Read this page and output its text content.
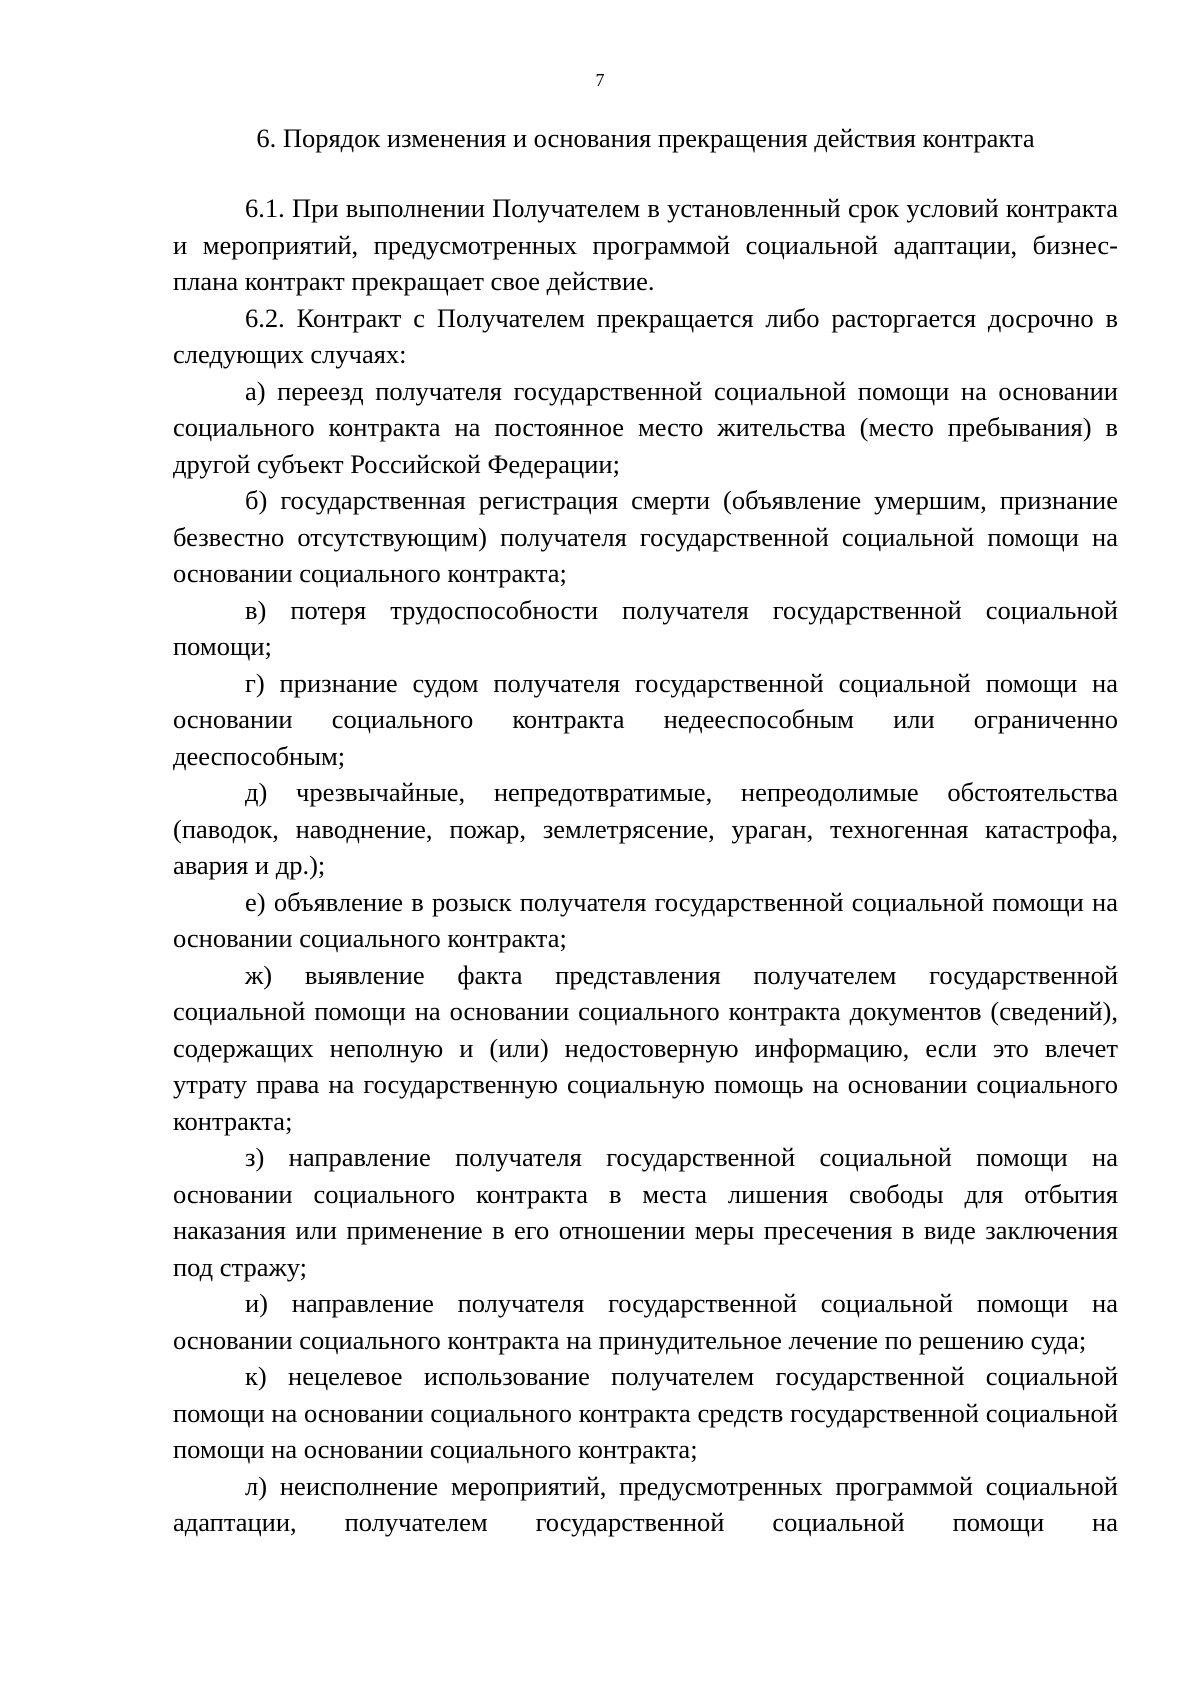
7
6. Порядок изменения и основания прекращения действия контракта

6.1. При выполнении Получателем в установленный срок условий контракта и мероприятий, предусмотренных программой социальной адаптации, бизнес-плана контракт прекращает свое действие.

6.2. Контракт с Получателем прекращается либо расторгается досрочно в следующих случаях:

а) переезд получателя государственной социальной помощи на основании социального контракта на постоянное место жительства (место пребывания) в другой субъект Российской Федерации;

б) государственная регистрация смерти (объявление умершим, признание безвестно отсутствующим) получателя государственной социальной помощи на основании социального контракта;

в) потеря трудоспособности получателя государственной социальной помощи;

г) признание судом получателя государственной социальной помощи на основании социального контракта недееспособным или ограниченно дееспособным;

д) чрезвычайные, непредотвратимые, непреодолимые обстоятельства (паводок, наводнение, пожар, землетрясение, ураган, техногенная катастрофа, авария и др.);

е) объявление в розыск получателя государственной социальной помощи на основании социального контракта;

ж) выявление факта представления получателем государственной социальной помощи на основании социального контракта документов (сведений), содержащих неполную и (или) недостоверную информацию, если это влечет утрату права на государственную социальную помощь на основании социального контракта;

з) направление получателя государственной социальной помощи на основании социального контракта в места лишения свободы для отбытия наказания или применение в его отношении меры пресечения в виде заключения под стражу;

и) направление получателя государственной социальной помощи на основании социального контракта на принудительное лечение по решению суда;

к) нецелевое использование получателем государственной социальной помощи на основании социального контракта средств государственной социальной помощи на основании социального контракта;

л) неисполнение мероприятий, предусмотренных программой социальной адаптации, получателем государственной социальной помощи на
